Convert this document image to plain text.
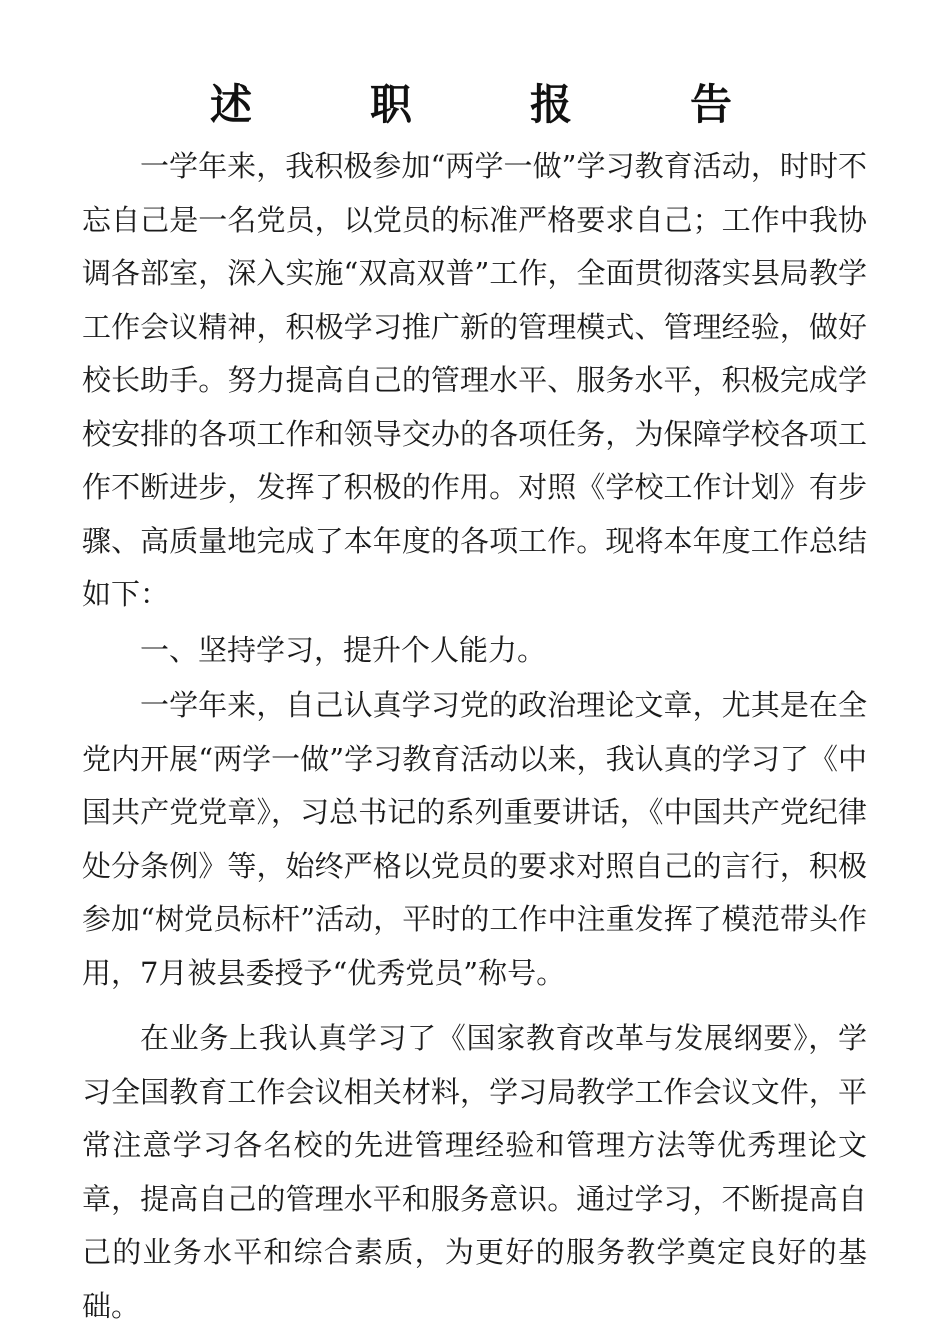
述　职　报　告

一学年来，我积极参加“两学一做”学习教育活动，时时不忘自己是一名党员，以党员的标准严格要求自己；工作中我协调各部室，深入实施“双高双普”工作，全面贯彻落实县局教学工作会议精神，积极学习推广新的管理模式、管理经验，做好校长助手。努力提高自己的管理水平、服务水平，积极完成学校安排的各项工作和领导交办的各项任务，为保障学校各项工作不断进步，发挥了积极的作用。对照《学校工作计划》有步骤、高质量地完成了本年度的各项工作。现将本年度工作总结如下：

一、坚持学习，提升个人能力。

一学年来，自己认真学习党的政治理论文章，尤其是在全党内开展“两学一做”学习教育活动以来，我认真的学习了《中国共产党党章》，习总书记的系列重要讲话，《中国共产党纪律处分条例》等，始终严格以党员的要求对照自己的言行，积极参加“树党员标杆”活动，平时的工作中注重发挥了模范带头作用，7月被县委授予“优秀党员”称号。

在业务上我认真学习了《国家教育改革与发展纲要》，学习全国教育工作会议相关材料，学习局教学工作会议文件，平常注意学习各名校的先进管理经验和管理方法等优秀理论文章，提高自己的管理水平和服务意识。通过学习，不断提高自己的业务水平和综合素质，为更好的服务教学奠定良好的基础。
